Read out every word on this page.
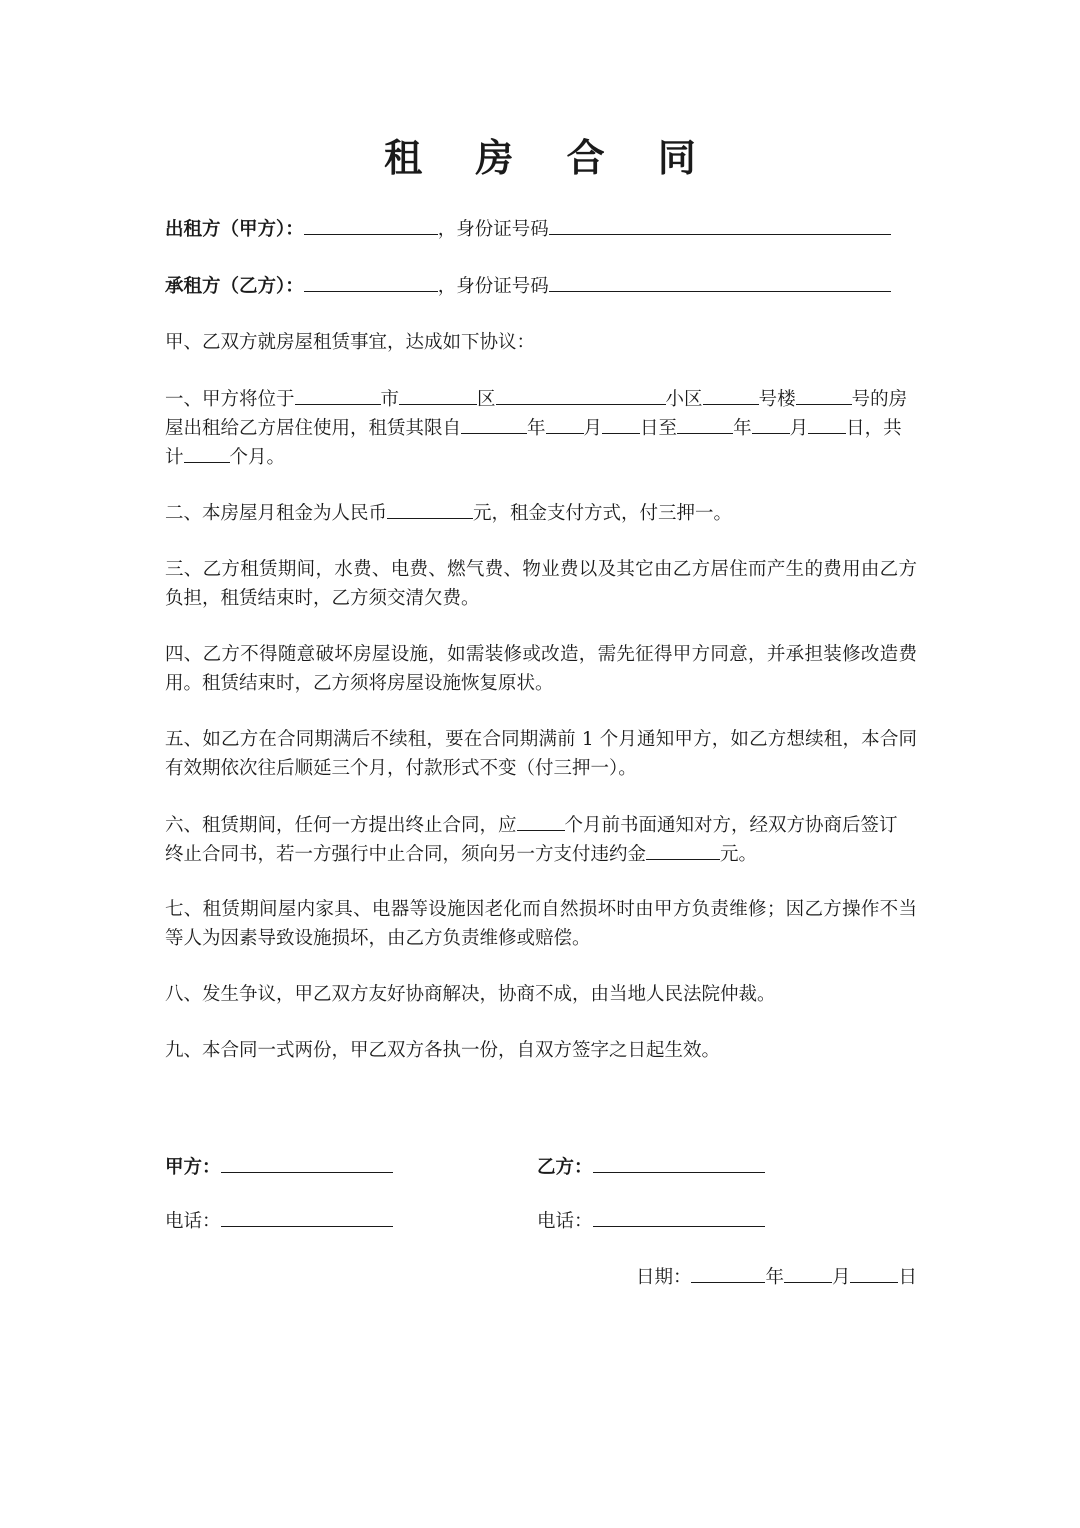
租 房 合 同
出租方（甲方）：	，身份证号码
承租方（乙方）：	，身份证号码
甲、乙双方就房屋租赁事宜，达成如下协议：
一、甲方将位于	市	区	小区	号楼	号的房
屋出租给乙方居住使用，租赁其限自	年 月 日至	年 月 日，共
计 个月。
二、本房屋月租金为人民币	元，租金支付方式，付三押一。
三、乙方租赁期间，水费、电费、燃气费、物业费以及其它由乙方居住而产生的费用由乙方负担，租赁结束时，乙方须交清欠费。
四、乙方不得随意破坏房屋设施，如需装修或改造，需先征得甲方同意，并承担装修改造费用。租赁结束时，乙方须将房屋设施恢复原状。
五、如乙方在合同期满后不续租，要在合同期满前 1 个月通知甲方，如乙方想续租，本合同有效期依次往后顺延三个月，付款形式不变（付三押一）。
六、租赁期间，任何一方提出终止合同，应	个月前书面通知对方，经双方协商后签订
终止合同书，若一方强行中止合同，须向另一方支付违约金	元。
七、租赁期间屋内家具、电器等设施因老化而自然损坏时由甲方负责维修；因乙方操作不当等人为因素导致设施损坏，由乙方负责维修或赔偿。
八、发生争议，甲乙双方友好协商解决，协商不成，由当地人民法院仲裁。
九、本合同一式两份，甲乙双方各执一份，自双方签字之日起生效。
甲方：	乙方：
电话：	电话：
日期：	年	月	日
